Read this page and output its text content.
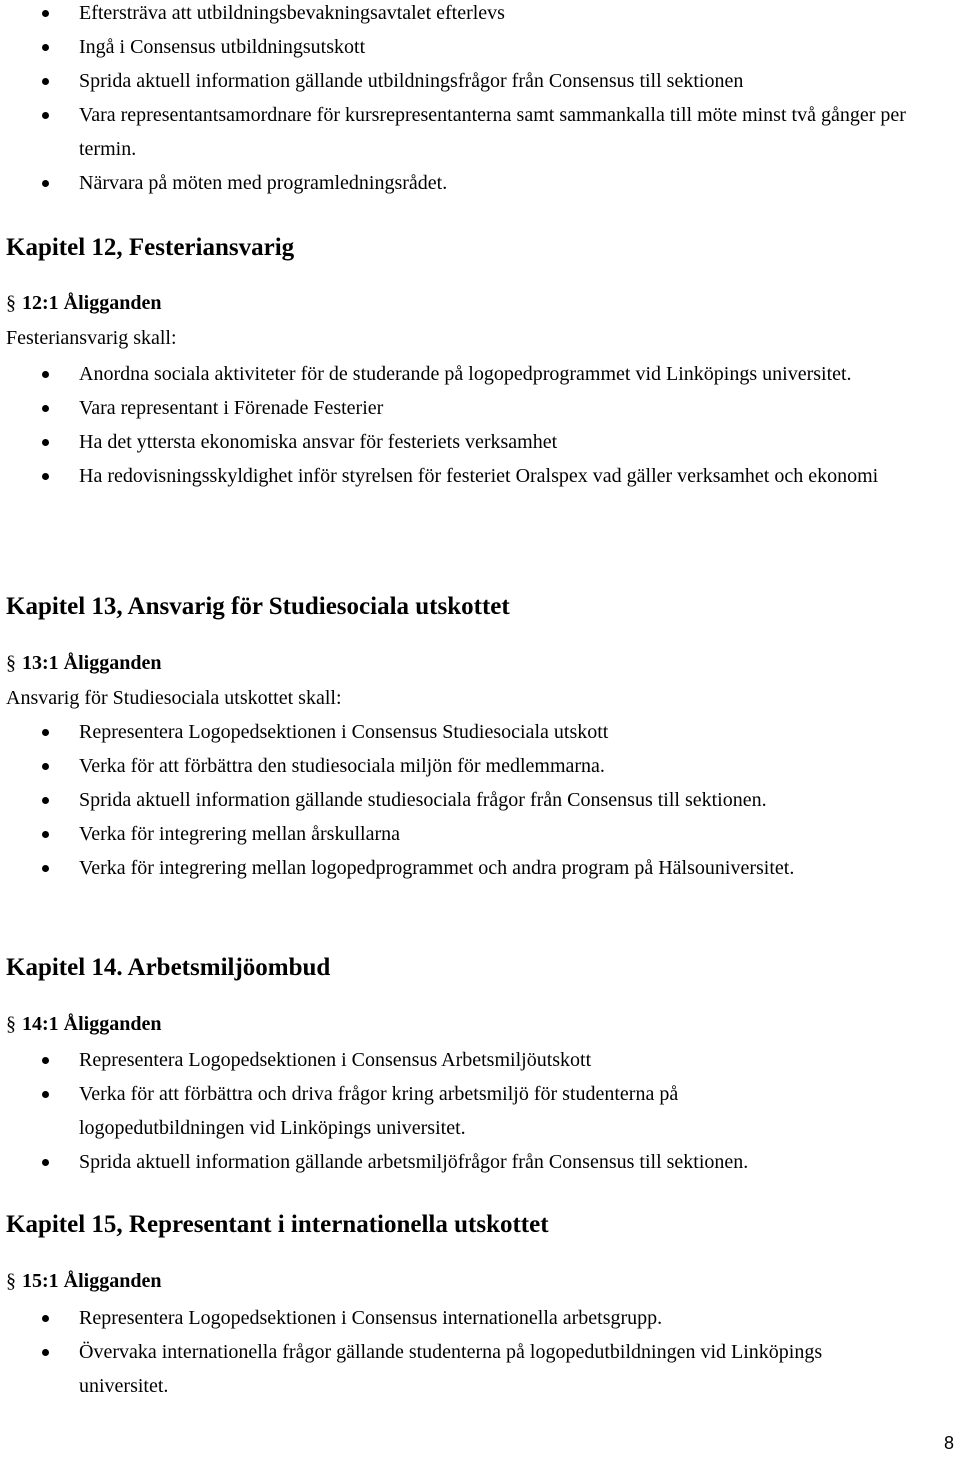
Eftersträva att utbildningsbevakningsavtalet efterlevs
Ingå i Consensus utbildningsutskott
Sprida aktuell information gällande utbildningsfrågor från Consensus till sektionen
Vara representantsamordnare för kursrepresentanterna samt sammankalla till möte minst två gånger per termin.
Närvara på möten med programledningsrådet.
Kapitel 12, Festeriansvarig
§ 12:1 Åligganden
Festeriansvarig skall:
Anordna sociala aktiviteter för de studerande på logopedprogrammet vid Linköpings universitet.
Vara representant i Förenade Festerier
Ha det yttersta ekonomiska ansvar för festeriets verksamhet
Ha redovisningsskyldighet inför styrelsen för festeriet Oralspex vad gäller verksamhet och ekonomi
Kapitel 13, Ansvarig för Studiesociala utskottet
§ 13:1 Åligganden
Ansvarig för Studiesociala utskottet skall:
Representera Logopedsektionen i Consensus Studiesociala utskott
Verka för att förbättra den studiesociala miljön för medlemmarna.
Sprida aktuell information gällande studiesociala frågor från Consensus till sektionen.
Verka för integrering mellan årskullarna
Verka för integrering mellan logopedprogrammet och andra program på Hälsouniversitet.
Kapitel 14. Arbetsmiljöombud
§ 14:1 Åligganden
Representera Logopedsektionen i Consensus Arbetsmiljöutskott
Verka för att förbättra och driva frågor kring arbetsmiljö för studenterna på logopedutbildningen vid Linköpings universitet.
Sprida aktuell information gällande arbetsmiljöfrågor från Consensus till sektionen.
Kapitel 15, Representant i internationella utskottet
§ 15:1 Åligganden
Representera Logopedsektionen i Consensus internationella arbetsgrupp.
Övervaka internationella frågor gällande studenterna på logopedutbildningen vid Linköpings universitet.
8
